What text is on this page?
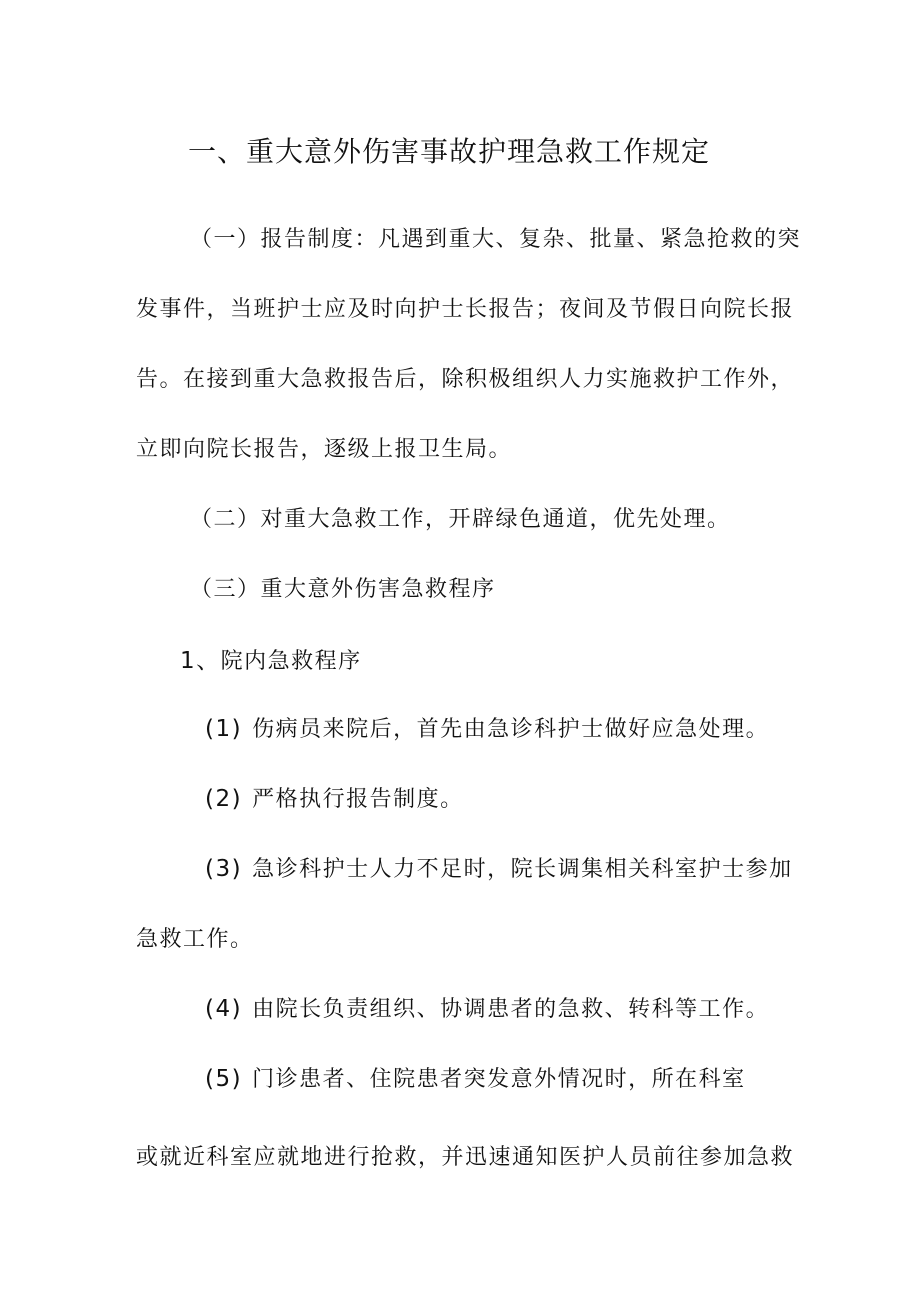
一、重大意外伤害事故护理急救工作规定

（一）报告制度：凡遇到重大、复杂、批量、紧急抢救的突

发事件，当班护士应及时向护士长报告；夜间及节假日向院长报

告。在接到重大急救报告后，除积极组织人力实施救护工作外，

立即向院长报告，逐级上报卫生局。

（二）对重大急救工作，开辟绿色通道，优先处理。

（三）重大意外伤害急救程序

1、院内急救程序

(1) 伤病员来院后，首先由急诊科护士做好应急处理。

(2) 严格执行报告制度。

(3) 急诊科护士人力不足时，院长调集相关科室护士参加

急救工作。

(4) 由院长负责组织、协调患者的急救、转科等工作。

(5) 门诊患者、住院患者突发意外情况时，所在科室

或就近科室应就地进行抢救，并迅速通知医护人员前往参加急救
